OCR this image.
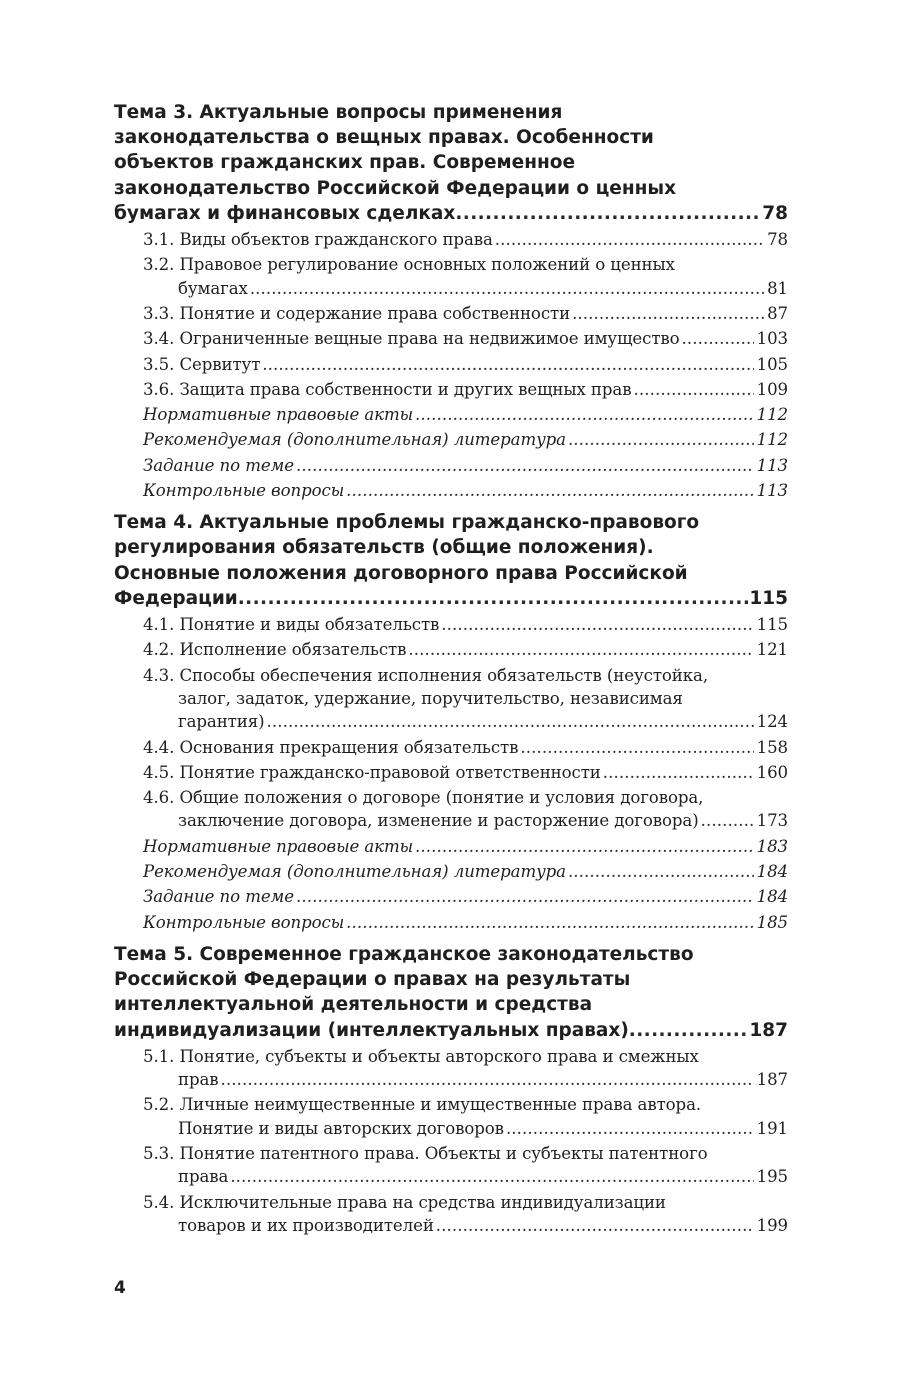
Тема 3. Актуальные вопросы применения
законодательства о вещных правах. Особенности
объектов гражданских прав. Современное
законодательство Российской Федерации о ценных
бумагах и финансовых сделках .....	78
3.1. Виды объектов гражданского права .....	78
3.2. Правовое регулирование основных положений о ценных
бумагах .....	81
3.3. Понятие и содержание права собственности .....	87
3.4. Ограниченные вещные права на недвижимое имущество .....	103
3.5. Сервитут .....	105
3.6. Защита права собственности и других вещных прав .....	109
Нормативные правовые акты .....	112
Рекомендуемая (дополнительная) литература .....	112
Задание по теме .....	113
Контрольные вопросы .....	113
Тема 4. Актуальные проблемы гражданско-правового
регулирования обязательств (общие положения).
Основные положения договорного права Российской
Федерации .....	115
4.1. Понятие и виды обязательств .....	115
4.2. Исполнение обязательств .....	121
4.3. Способы обеспечения исполнения обязательств (неустойка,
залог, задаток, удержание, поручительство, независимая
гарантия) .....	124
4.4. Основания прекращения обязательств .....	158
4.5. Понятие гражданско-правовой ответственности .....	160
4.6. Общие положения о договоре (понятие и условия договора,
заключение договора, изменение и расторжение договора) .....	173
Нормативные правовые акты .....	183
Рекомендуемая (дополнительная) литература .....	184
Задание по теме .....	184
Контрольные вопросы .....	185
Тема 5. Современное гражданское законодательство
Российской Федерации о правах на результаты
интеллектуальной деятельности и средства
индивидуализации (интеллектуальных правах) .....	187
5.1. Понятие, субъекты и объекты авторского права и смежных
прав .....	187
5.2. Личные неимущественные и имущественные права автора.
Понятие и виды авторских договоров .....	191
5.3. Понятие патентного права. Объекты и субъекты патентного
права .....	195
5.4. Исключительные права на средства индивидуализации
товаров и их производителей .....	199
4
